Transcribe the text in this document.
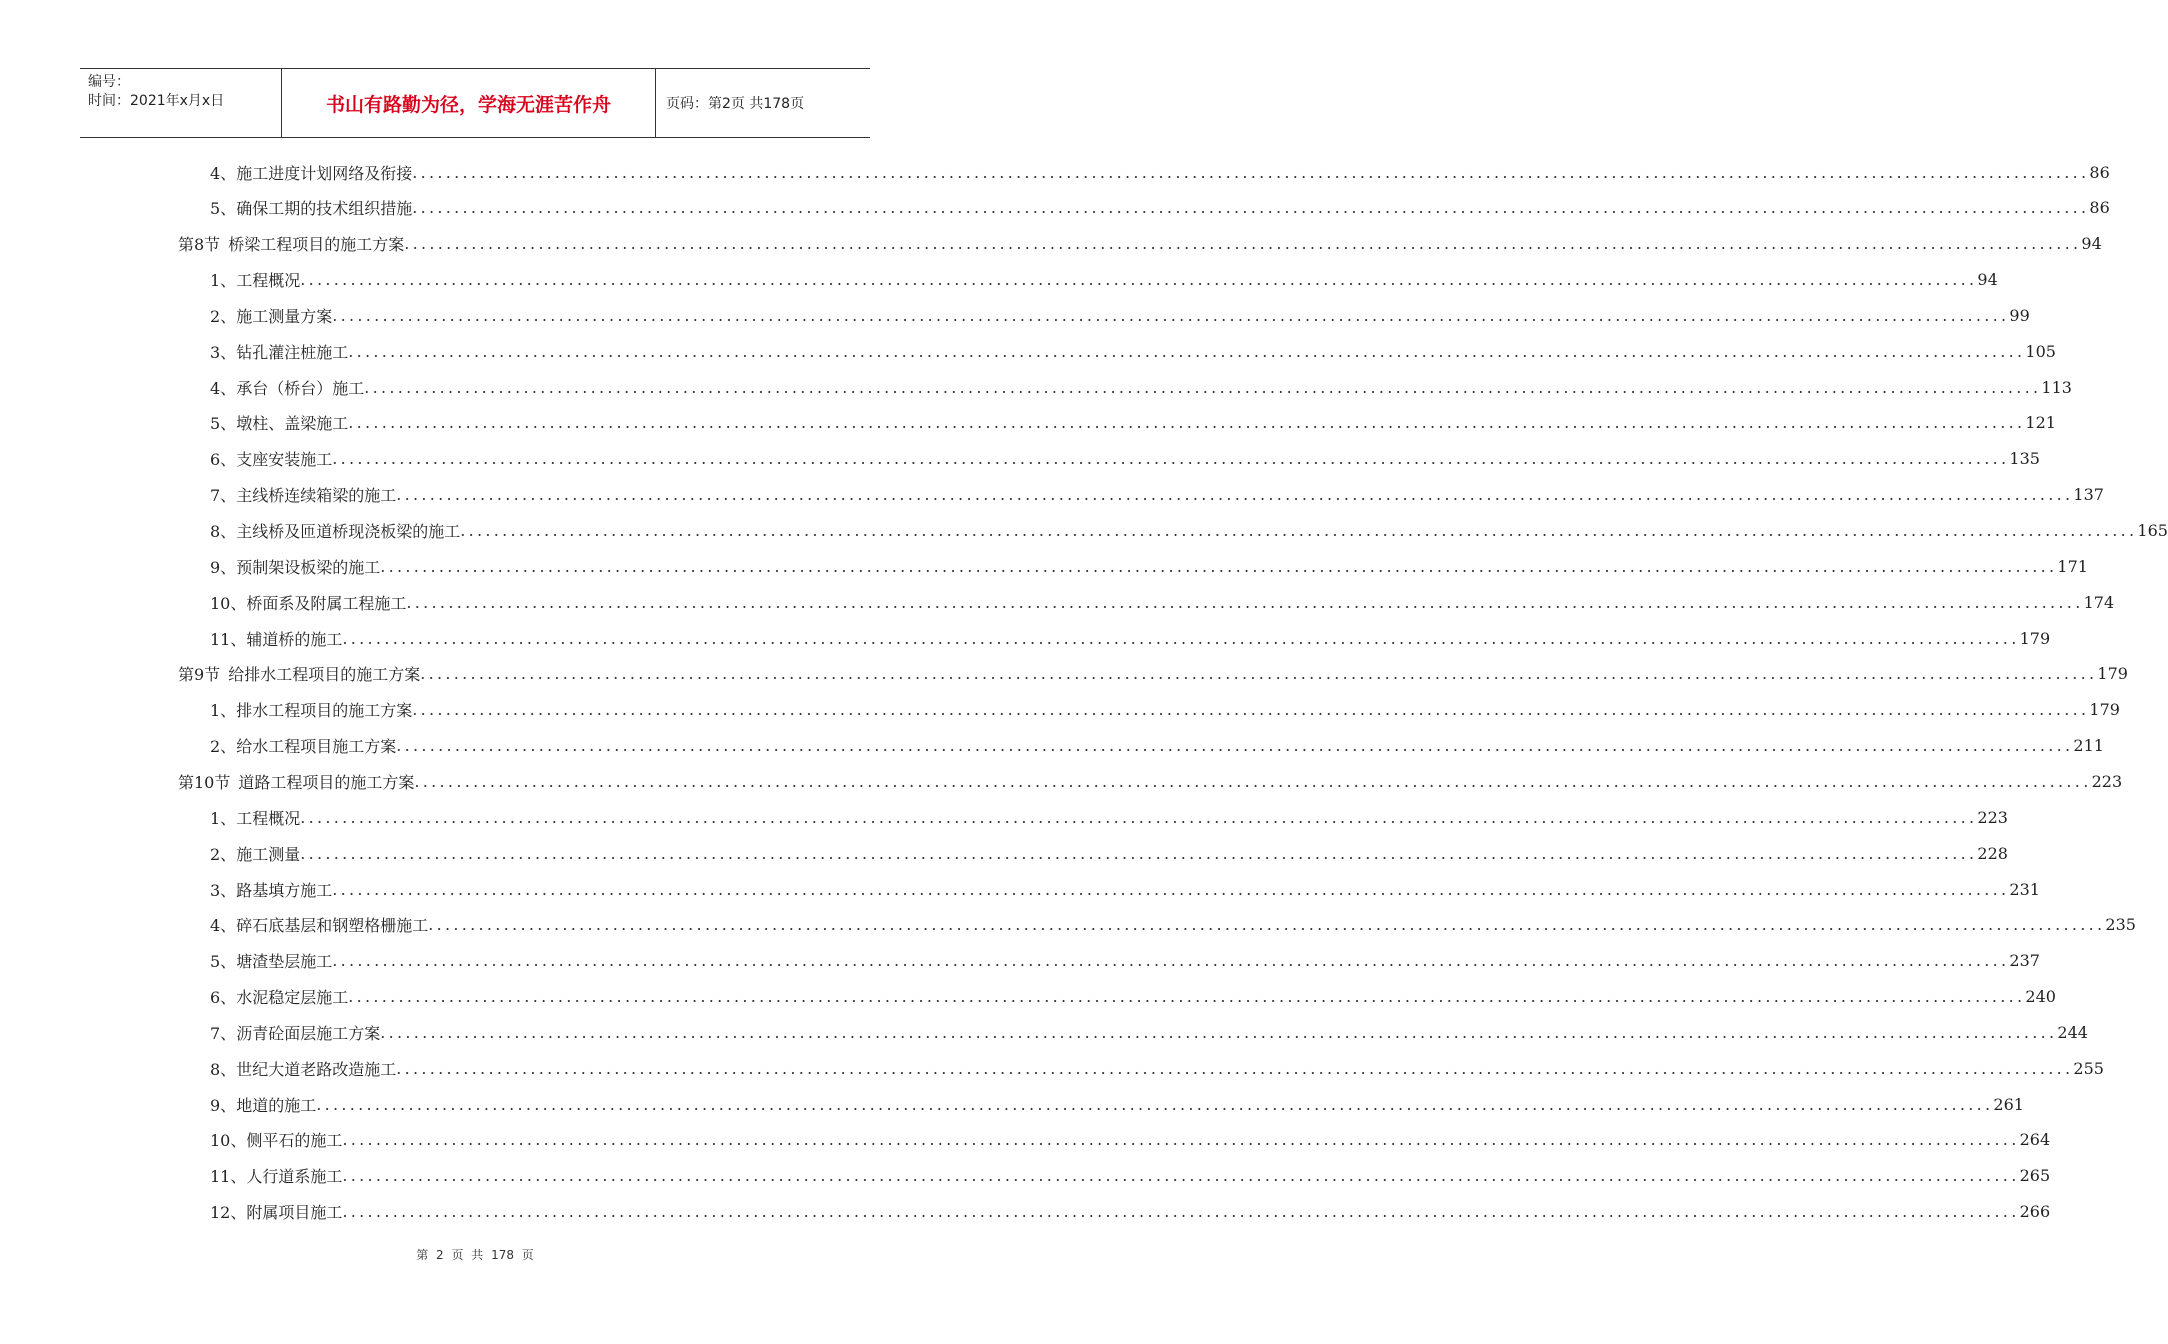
编号：
时间：2021年x月x日	书山有路勤为径，学海无涯苦作舟	页码：第2页 共178页
4、 施工进度计划网络及衔接 ........................................................................................................................................................................................................ 86
5、 确保工期的技术组织措施 ........................................................................................................................................................................................................ 86
第8节 桥梁工程项目的施工方案 ........................................................................................................................................................................................................ 94
1、 工程概况 ........................................................................................................................................................................................................ 94
2、 施工测量方案 ........................................................................................................................................................................................................ 99
3、 钻孔灌注桩施工 ........................................................................................................................................................................................................ 105
4、 承台（桥台）施工 ........................................................................................................................................................................................................ 113
5、 墩柱、盖梁施工 ........................................................................................................................................................................................................ 121
6、 支座安装施工 ........................................................................................................................................................................................................ 135
7、 主线桥连续箱梁的施工 ........................................................................................................................................................................................................ 137
8、 主线桥及匝道桥现浇板梁的施工 ........................................................................................................................................................................................................ 165
9、 预制架设板梁的施工 ........................................................................................................................................................................................................ 171
10、 桥面系及附属工程施工 ........................................................................................................................................................................................................ 174
11、 辅道桥的施工 ........................................................................................................................................................................................................ 179
第9节 给排水工程项目的施工方案 ........................................................................................................................................................................................................ 179
1、 排水工程项目的施工方案 ........................................................................................................................................................................................................ 179
2、 给水工程项目施工方案 ........................................................................................................................................................................................................ 211
第10节 道路工程项目的施工方案 ........................................................................................................................................................................................................ 223
1、 工程概况 ........................................................................................................................................................................................................ 223
2、 施工测量 ........................................................................................................................................................................................................ 228
3、 路基填方施工 ........................................................................................................................................................................................................ 231
4、 碎石底基层和钢塑格栅施工 ........................................................................................................................................................................................................ 235
5、 塘渣垫层施工 ........................................................................................................................................................................................................ 237
6、 水泥稳定层施工 ........................................................................................................................................................................................................ 240
7、 沥青砼面层施工方案 ........................................................................................................................................................................................................ 244
8、 世纪大道老路改造施工 ........................................................................................................................................................................................................ 255
9、 地道的施工 ........................................................................................................................................................................................................ 261
10、 侧平石的施工 ........................................................................................................................................................................................................ 264
11、 人行道系施工 ........................................................................................................................................................................................................ 265
12、 附属项目施工 ........................................................................................................................................................................................................ 266
第 2 页 共 178 页
